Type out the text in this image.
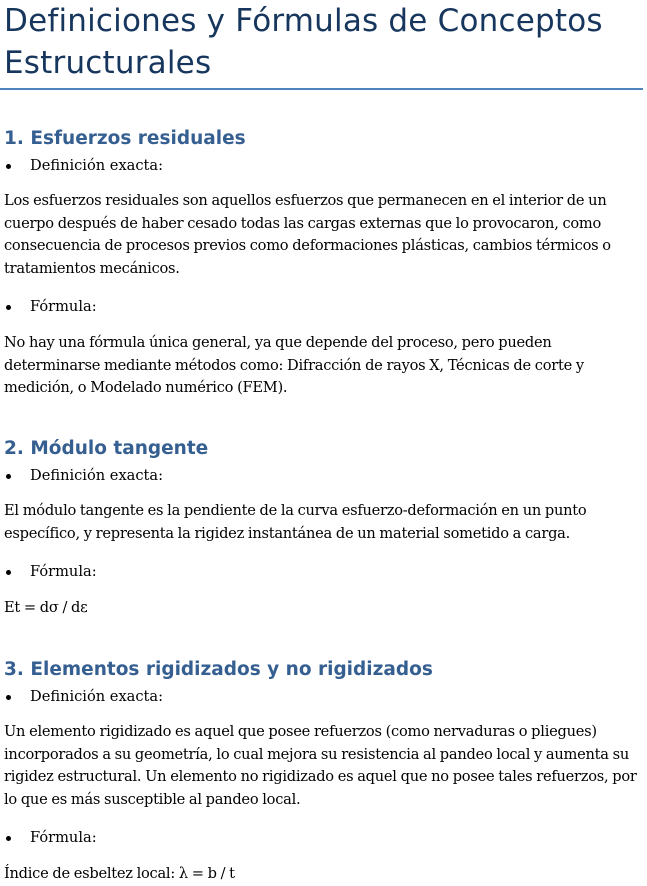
Definiciones y Fórmulas de Conceptos
Estructurales
1. Esfuerzos residuales

Definición exacta:

Los esfuerzos residuales son aquellos esfuerzos que permanecen en el interior de un cuerpo después de haber cesado todas las cargas externas que lo provocaron, como consecuencia de procesos previos como deformaciones plásticas, cambios térmicos o tratamientos mecánicos.

Fórmula:

No hay una fórmula única general, ya que depende del proceso, pero pueden determinarse mediante métodos como: Difracción de rayos X, Técnicas de corte y medición, o Modelado numérico (FEM).

2. Módulo tangente

Definición exacta:

El módulo tangente es la pendiente de la curva esfuerzo-deformación en un punto específico, y representa la rigidez instantánea de un material sometido a carga.

Fórmula:

Et = dσ / dε

3. Elementos rigidizados y no rigidizados

Definición exacta:

Un elemento rigidizado es aquel que posee refuerzos (como nervaduras o pliegues) incorporados a su geometría, lo cual mejora su resistencia al pandeo local y aumenta su rigidez estructural. Un elemento no rigidizado es aquel que no posee tales refuerzos, por lo que es más susceptible al pandeo local.

Fórmula:

Índice de esbeltez local: λ = b / t
